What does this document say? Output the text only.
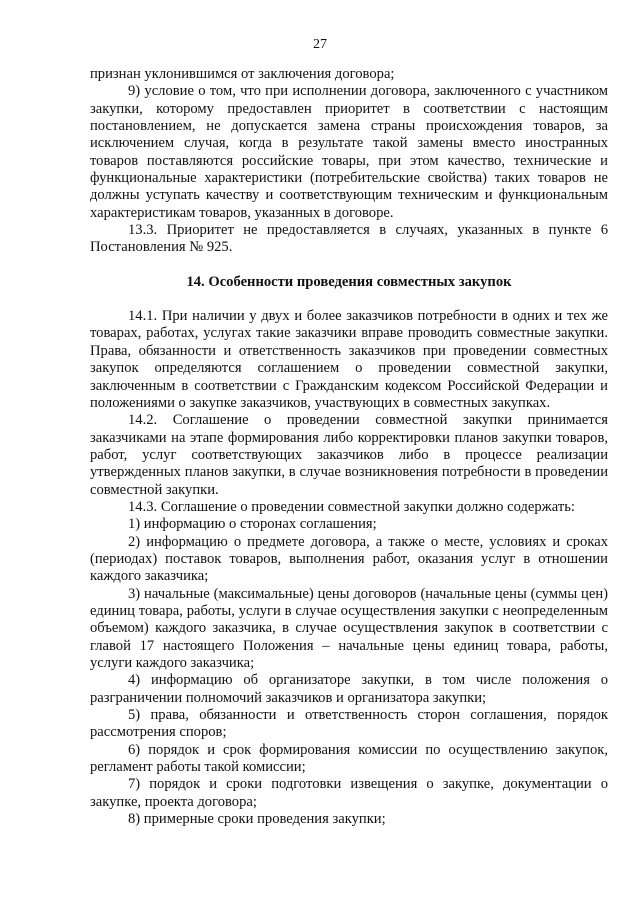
27

признан уклонившимся от заключения договора;

9) условие о том, что при исполнении договора, заключенного с участником закупки, которому предоставлен приоритет в соответствии с настоящим постановлением, не допускается замена страны происхождения товаров, за исключением случая, когда в результате такой замены вместо иностранных товаров поставляются российские товары, при этом качество, технические и функциональные характеристики (потребительские свойства) таких товаров не должны уступать качеству и соответствующим техническим и функциональным характеристикам товаров, указанных в договоре.

13.3. Приоритет не предоставляется в случаях, указанных в пункте 6 Постановления № 925.

14. Особенности проведения совместных закупок

14.1. При наличии у двух и более заказчиков потребности в одних и тех же товарах, работах, услугах такие заказчики вправе проводить совместные закупки. Права, обязанности и ответственность заказчиков при проведении совместных закупок определяются соглашением о проведении совместной закупки, заключенным в соответствии с Гражданским кодексом Российской Федерации и положениями о закупке заказчиков, участвующих в совместных закупках.

14.2. Соглашение о проведении совместной закупки принимается заказчиками на этапе формирования либо корректировки планов закупки товаров, работ, услуг соответствующих заказчиков либо в процессе реализации утвержденных планов закупки, в случае возникновения потребности в проведении совместной закупки.

14.3. Соглашение о проведении совместной закупки должно содержать:

1) информацию о сторонах соглашения;

2) информацию о предмете договора, а также о месте, условиях и сроках (периодах) поставок товаров, выполнения работ, оказания услуг в отношении каждого заказчика;

3) начальные (максимальные) цены договоров (начальные цены (суммы цен) единиц товара, работы, услуги в случае осуществления закупки с неопределенным объемом) каждого заказчика, в случае осуществления закупок в соответствии с главой 17 настоящего Положения – начальные цены единиц товара, работы, услуги каждого заказчика;

4) информацию об организаторе закупки, в том числе положения о разграничении полномочий заказчиков и организатора закупки;

5) права, обязанности и ответственность сторон соглашения, порядок рассмотрения споров;

6) порядок и срок формирования комиссии по осуществлению закупок, регламент работы такой комиссии;

7) порядок и сроки подготовки извещения о закупке, документации о закупке, проекта договора;

8) примерные сроки проведения закупки;
